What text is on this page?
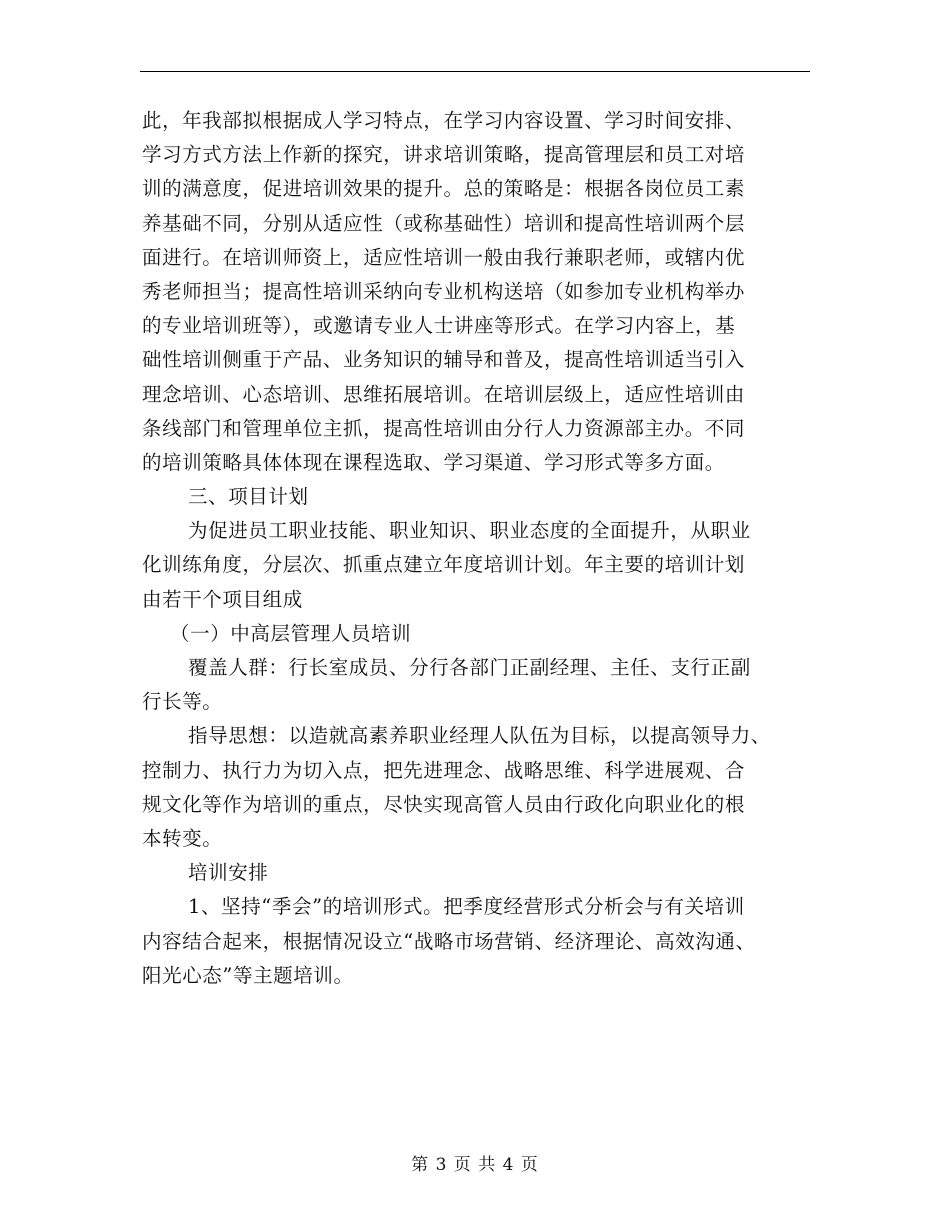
此，年我部拟根据成人学习特点，在学习内容设置、学习时间安排、
学习方式方法上作新的探究，讲求培训策略，提高管理层和员工对培
训的满意度，促进培训效果的提升。总的策略是：根据各岗位员工素
养基础不同，分别从适应性（或称基础性）培训和提高性培训两个层
面进行。在培训师资上，适应性培训一般由我行兼职老师，或辖内优
秀老师担当；提高性培训采纳向专业机构送培（如参加专业机构举办
的专业培训班等），或邀请专业人士讲座等形式。在学习内容上，基
础性培训侧重于产品、业务知识的辅导和普及，提高性培训适当引入
理念培训、心态培训、思维拓展培训。在培训层级上，适应性培训由
条线部门和管理单位主抓，提高性培训由分行人力资源部主办。不同
的培训策略具体体现在课程选取、学习渠道、学习形式等多方面。
三、项目计划
为促进员工职业技能、职业知识、职业态度的全面提升，从职业
化训练角度，分层次、抓重点建立年度培训计划。年主要的培训计划
由若干个项目组成
（一）中高层管理人员培训
覆盖人群：行长室成员、分行各部门正副经理、主任、支行正副
行长等。
指导思想：以造就高素养职业经理人队伍为目标，以提高领导力、
控制力、执行力为切入点，把先进理念、战略思维、科学进展观、合
规文化等作为培训的重点，尽快实现高管人员由行政化向职业化的根
本转变。
培训安排
1、坚持“季会”的培训形式。把季度经营形式分析会与有关培训
内容结合起来，根据情况设立“战略市场营销、经济理论、高效沟通、
阳光心态”等主题培训。
第 3 页 共 4 页
